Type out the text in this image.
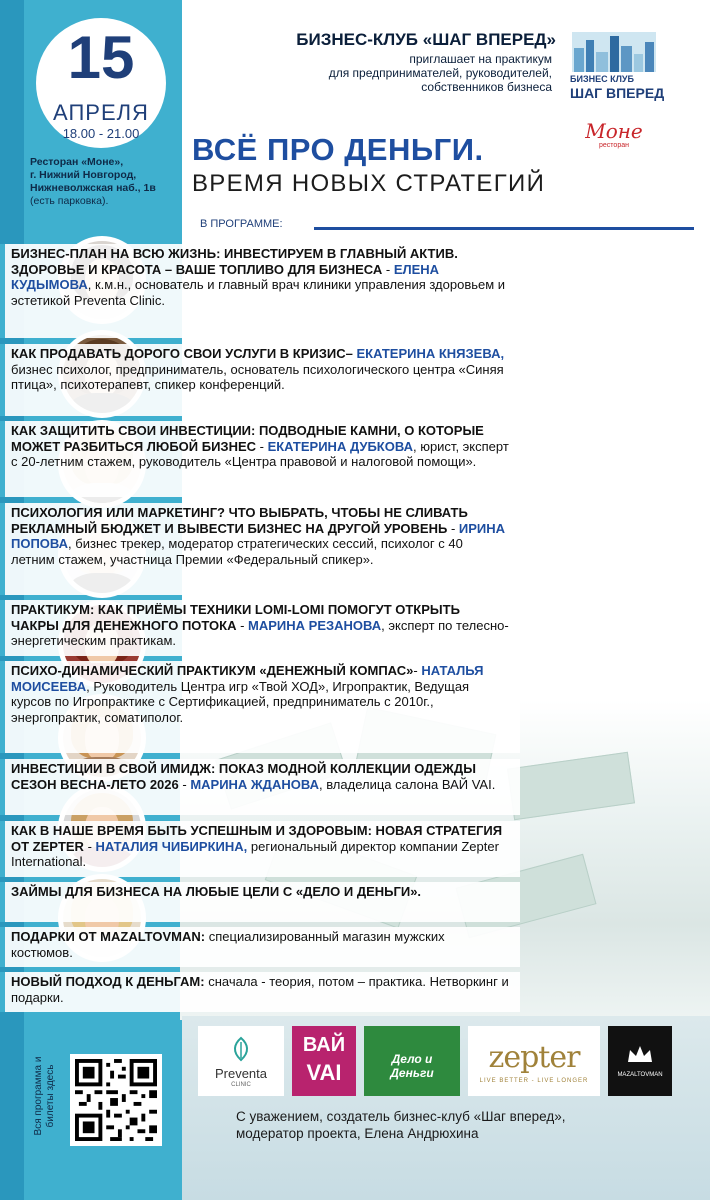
15
АПРЕЛЯ
18.00 - 21.00
Ресторан «Моне»,
г. Нижний Новгород,
Нижневолжская наб., 1в
(есть парковка).
Вся программа и билеты здесь
БИЗНЕС-КЛУБ «ШАГ ВПЕРЕД»
приглашает на практикум
для предпринимателей, руководителей,
собственников бизнеса
БИЗНЕС КЛУБ
ШАГ ВПЕРЕД
Моне
ресторан
ВСЁ ПРО ДЕНЬГИ.
ВРЕМЯ НОВЫХ СТРАТЕГИЙ
В ПРОГРАММЕ:
БИЗНЕС-ПЛАН НА ВСЮ ЖИЗНЬ: ИНВЕСТИРУЕМ В ГЛАВНЫЙ АКТИВ. ЗДОРОВЬЕ И КРАСОТА – ВАШЕ ТОПЛИВО ДЛЯ БИЗНЕСА - ЕЛЕНА КУДЫМОВА, к.м.н., основатель и главный врач клиники управления здоровьем и эстетикой Preventa Clinic.
КАК ПРОДАВАТЬ ДОРОГО СВОИ УСЛУГИ В КРИЗИС– ЕКАТЕРИНА КНЯЗЕВА, бизнес психолог, предприниматель, основатель психологического центра «Синяя птица», психотерапевт, спикер конференций.
КАК ЗАЩИТИТЬ СВОИ ИНВЕСТИЦИИ: ПОДВОДНЫЕ КАМНИ, О КОТОРЫЕ МОЖЕТ РАЗБИТЬСЯ ЛЮБОЙ БИЗНЕС - ЕКАТЕРИНА ДУБКОВА, юрист, эксперт с 20-летним стажем, руководитель «Центра правовой и налоговой помощи».
ПСИХОЛОГИЯ ИЛИ МАРКЕТИНГ? ЧТО ВЫБРАТЬ, ЧТОБЫ НЕ СЛИВАТЬ РЕКЛАМНЫЙ БЮДЖЕТ И ВЫВЕСТИ БИЗНЕС НА ДРУГОЙ УРОВЕНЬ - ИРИНА ПОПОВА, бизнес трекер, модератор стратегических сессий, психолог с 40 летним стажем, участница Премии «Федеральный спикер».
ПРАКТИКУМ: КАК ПРИЁМЫ ТЕХНИКИ LOMI-LOMI ПОМОГУТ ОТКРЫТЬ ЧАКРЫ ДЛЯ ДЕНЕЖНОГО ПОТОКА - МАРИНА РЕЗАНОВА, эксперт по телесно-энергетическим практикам.
ПСИХО-ДИНАМИЧЕСКИЙ ПРАКТИКУМ «ДЕНЕЖНЫЙ КОМПАС»- НАТАЛЬЯ МОИСЕЕВА, Руководитель Центра игр «Твой ХОД», Игропрактик, Ведущая курсов по Игропрактике с Сертификацией, предприниматель с 2010г., энергопрактик, соматиполог.
ИНВЕСТИЦИИ В СВОЙ ИМИДЖ: ПОКАЗ МОДНОЙ КОЛЛЕКЦИИ ОДЕЖДЫ СЕЗОН ВЕСНА-ЛЕТО 2026 - МАРИНА ЖДАНОВА, владелица салона ВАЙ VAI.
КАК В НАШЕ ВРЕМЯ БЫТЬ УСПЕШНЫМ И ЗДОРОВЫМ: НОВАЯ СТРАТЕГИЯ ОТ ZEPTER - НАТАЛИЯ ЧИБИРКИНА, региональный директор компании Zepter International.
ЗАЙМЫ ДЛЯ БИЗНЕСА НА ЛЮБЫЕ ЦЕЛИ С «ДЕЛО И ДЕНЬГИ».
ПОДАРКИ ОТ MAZALTOVMAN: специализированный магазин мужских костюмов.
НОВЫЙ ПОДХОД К ДЕНЬГАМ: сначала - теория, потом – практика. Нетворкинг и подарки.
Preventa
CLINIC
ВАЙ
VAI
Дело и Деньги	zepter
LIVE BETTER - LIVE LONGER
MAZALTOVMAN
С уважением, создатель бизнес-клуб «Шаг вперед»,
модератор проекта, Елена Андрюхина
